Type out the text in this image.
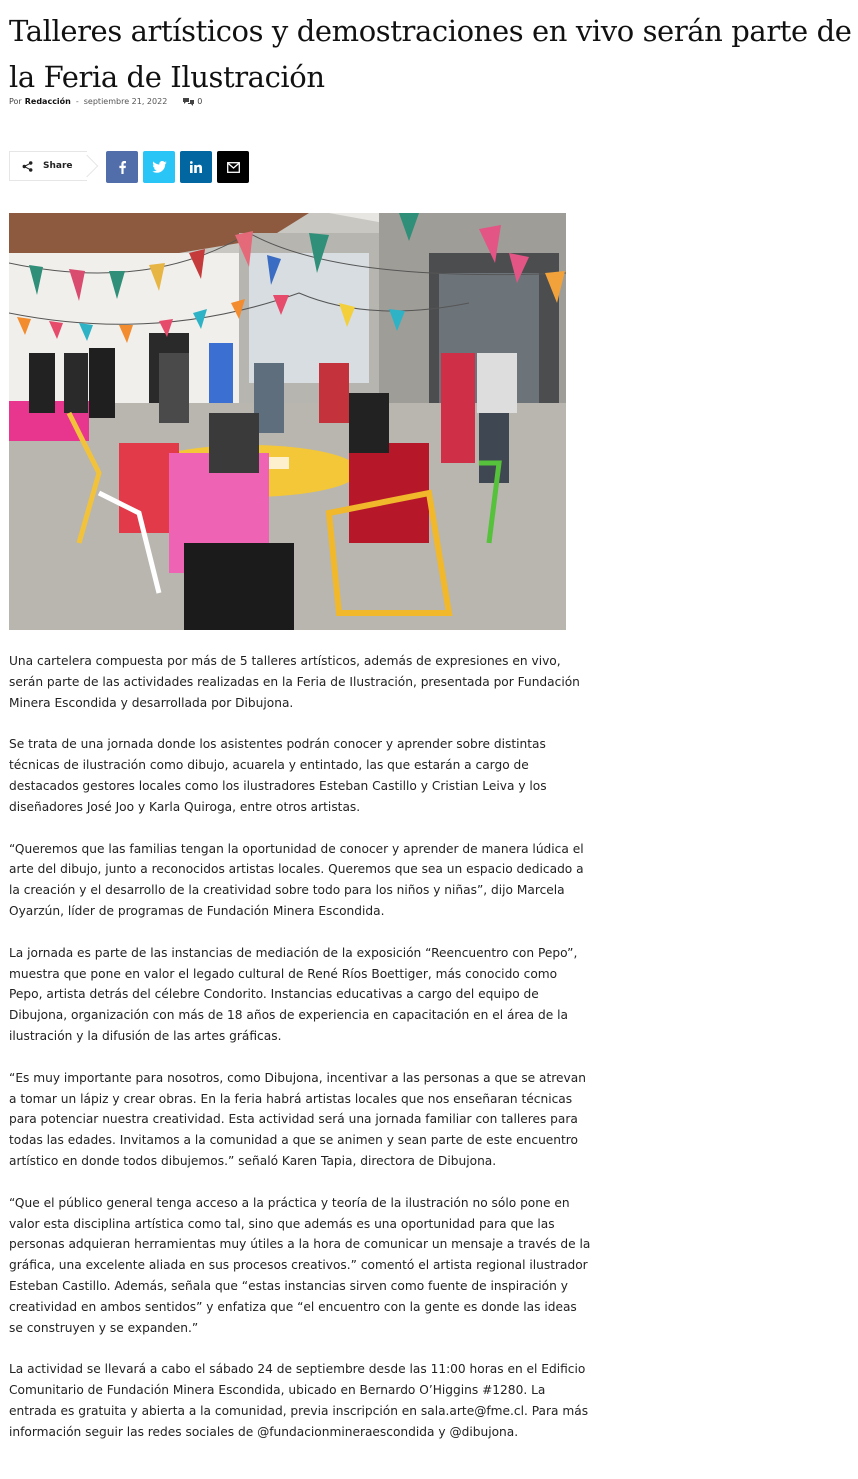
Talleres artísticos y demostraciones en vivo serán parte de la Feria de Ilustración
Por Redacción - septiembre 21, 2022	0
Share

Una cartelera compuesta por más de 5 talleres artísticos, además de expresiones en vivo, serán parte de las actividades realizadas en la Feria de Ilustración, presentada por Fundación Minera Escondida y desarrollada por Dibujona.

Se trata de una jornada donde los asistentes podrán conocer y aprender sobre distintas técnicas de ilustración como dibujo, acuarela y entintado, las que estarán a cargo de destacados gestores locales como los ilustradores Esteban Castillo y Cristian Leiva y los diseñadores José Joo y Karla Quiroga, entre otros artistas.

“Queremos que las familias tengan la oportunidad de conocer y aprender de manera lúdica el arte del dibujo, junto a reconocidos artistas locales. Queremos que sea un espacio dedicado a la creación y el desarrollo de la creatividad sobre todo para los niños y niñas”, dijo Marcela Oyarzún, líder de programas de Fundación Minera Escondida.

La jornada es parte de las instancias de mediación de la exposición “Reencuentro con Pepo”, muestra que pone en valor el legado cultural de René Ríos Boettiger, más conocido como Pepo, artista detrás del célebre Condorito. Instancias educativas a cargo del equipo de Dibujona, organización con más de 18 años de experiencia en capacitación en el área de la ilustración y la difusión de las artes gráficas.

“Es muy importante para nosotros, como Dibujona, incentivar a las personas a que se atrevan a tomar un lápiz y crear obras. En la feria habrá artistas locales que nos enseñaran técnicas para potenciar nuestra creatividad. Esta actividad será una jornada familiar con talleres para todas las edades. Invitamos a la comunidad a que se animen y sean parte de este encuentro artístico en donde todos dibujemos.” señaló Karen Tapia, directora de Dibujona.

“Que el público general tenga acceso a la práctica y teoría de la ilustración no sólo pone en valor esta disciplina artística como tal, sino que además es una oportunidad para que las personas adquieran herramientas muy útiles a la hora de comunicar un mensaje a través de la gráfica, una excelente aliada en sus procesos creativos.” comentó el artista regional ilustrador Esteban Castillo. Además, señala que “estas instancias sirven como fuente de inspiración y creatividad en ambos sentidos” y enfatiza que “el encuentro con la gente es donde las ideas se construyen y se expanden.”

La actividad se llevará a cabo el sábado 24 de septiembre desde las 11:00 horas en el Edificio Comunitario de Fundación Minera Escondida, ubicado en Bernardo O’Higgins #1280. La entrada es gratuita y abierta a la comunidad, previa inscripción en sala.arte@fme.cl. Para más información seguir las redes sociales de @fundacionmineraescondida y @dibujona.
